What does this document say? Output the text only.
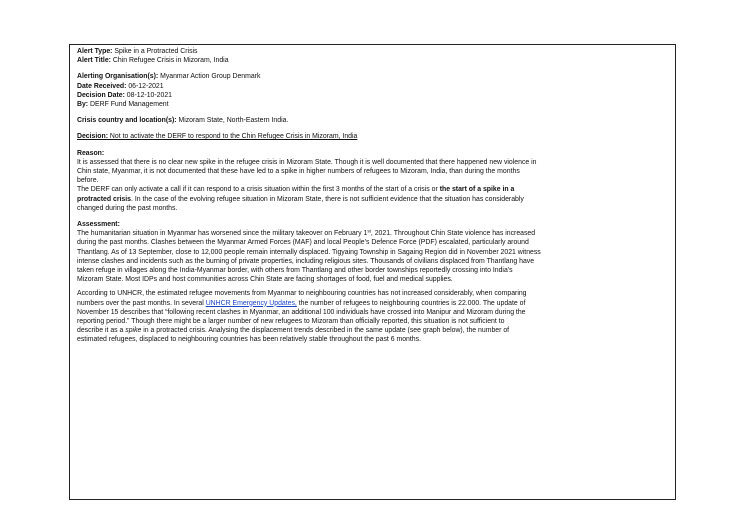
Alert Type: Spike in a Protracted Crisis
Alert Title: Chin Refugee Crisis in Mizoram, India
Alerting Organisation(s): Myanmar Action Group Denmark
Date Received: 06-12-2021
Decision Date: 08-12-10-2021
By: DERF Fund Management
Crisis country and location(s): Mizoram State, North-Eastern India.
Decision: Not to activate the DERF to respond to the Chin Refugee Crisis in Mizoram, India
Reason:
It is assessed that there is no clear new spike in the refugee crisis in Mizoram State. Though it is well documented that there happened new violence in
Chin state, Myanmar, it is not documented that these have led to a spike in higher numbers of refugees to Mizoram, India, than during the months
before.
The DERF can only activate a call if it can respond to a crisis situation within the first 3 months of the start of a crisis or the start of a spike in a
protracted crisis. In the case of the evolving refugee situation in Mizoram State, there is not sufficient evidence that the situation has considerably
changed during the past months.
Assessment:
The humanitarian situation in Myanmar has worsened since the military takeover on February 1st, 2021. Throughout Chin State violence has increased
during the past months. Clashes between the Myanmar Armed Forces (MAF) and local People’s Defence Force (PDF) escalated, particularly around
Thantlang. As of 13 September, close to 12,000 people remain internally displaced. Tigyaing Township in Sagaing Region did in November 2021 witness
intense clashes and incidents such as the burning of private properties, including religious sites. Thousands of civilians displaced from Thantlang have
taken refuge in villages along the India-Myanmar border, with others from Thantlang and other border townships reportedly crossing into India’s
Mizoram State. Most IDPs and host communities across Chin State are facing shortages of food, fuel and medical supplies.
According to UNHCR, the estimated refugee movements from Myanmar to neighbouring countries has not increased considerably, when comparing
numbers over the past months. In several UNHCR Emergency Updates, the number of refugees to neighbouring countries is 22.000. The update of
November 15 describes that “following recent clashes in Myanmar, an additional 100 individuals have crossed into Manipur and Mizoram during the
reporting period.” Though there might be a larger number of new refugees to Mizoram than officially reported, this situation is not sufficient to
describe it as a spike in a protracted crisis. Analysing the displacement trends described in the same update (see graph below), the number of
estimated refugees, displaced to neighbouring countries has been relatively stable throughout the past 6 months.
